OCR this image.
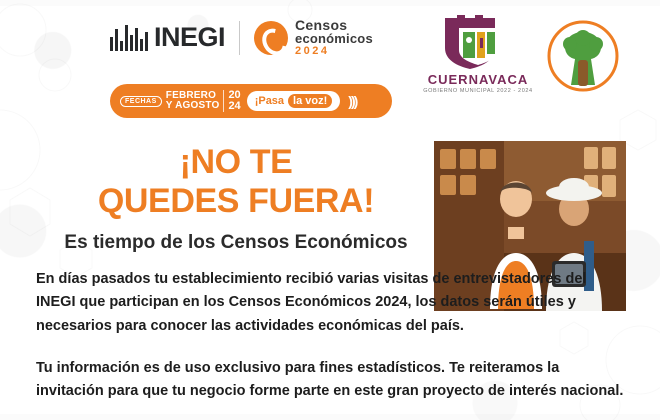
INEGI	Censos
económicos
2024
FECHAS
FEBRERO
Y AGOSTO
20
24 ¡Pasa la voz!	)))
CUERNAVACA
GOBIERNO MUNICIPAL 2022 - 2024
¡NO TE
QUEDES FUERA!
Es tiempo de los Censos Económicos
En días pasados tu establecimiento recibió varias visitas de entrevistadores del INEGI que participan en los Censos Económicos 2024, los datos serán útiles y necesarios para conocer las actividades económicas del país.
Tu información es de uso exclusivo para fines estadísticos. Te reiteramos la invitación para que tu negocio forme parte en este gran proyecto de interés nacional.
